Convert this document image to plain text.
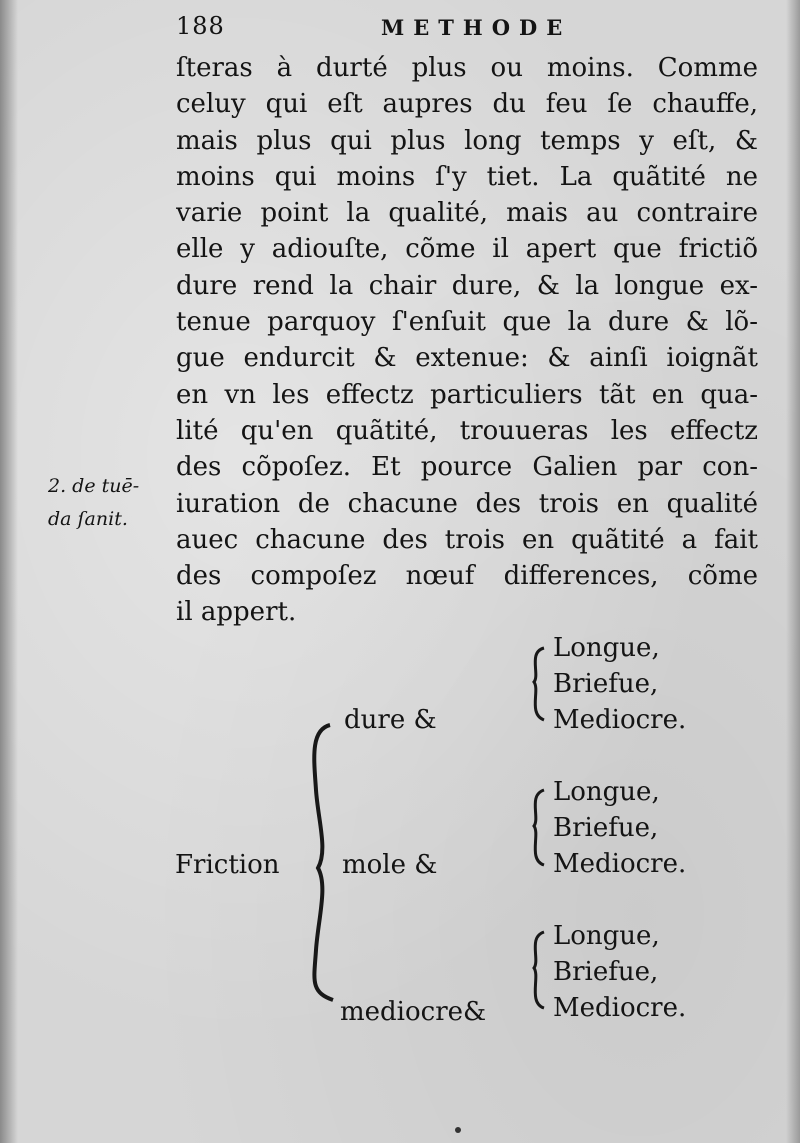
188	METHODE
ſteras à durté plus ou moins. Comme
celuy qui eſt aupres du feu ſe chauffe,
mais plus qui plus long temps y eſt, &
moins qui moins ſ'y tiet. La quãtité ne
varie point la qualité, mais au contraire
elle y adiouſte, cõme il apert que frictiõ
dure rend la chair dure, & la longue ex-
tenue parquoy ſ'enſuit que la dure & lõ-
gue endurcit & extenue: & ainſi ioignãt
en vn les effectz particuliers tãt en qua-
lité qu'en quãtité, trouueras les effectz
des cõpoſez. Et pource Galien par con-
iuration de chacune des trois en qualité
auec chacune des trois en quãtité a fait
des compoſez nœuf differences, cõme
il appert.
2. de tuē-
da ſanit.
Friction
dure &
mole &
mediocre&
Longue,
Briefue,
Mediocre.
Longue,
Briefue,
Mediocre.
Longue,
Briefue,
Mediocre.
